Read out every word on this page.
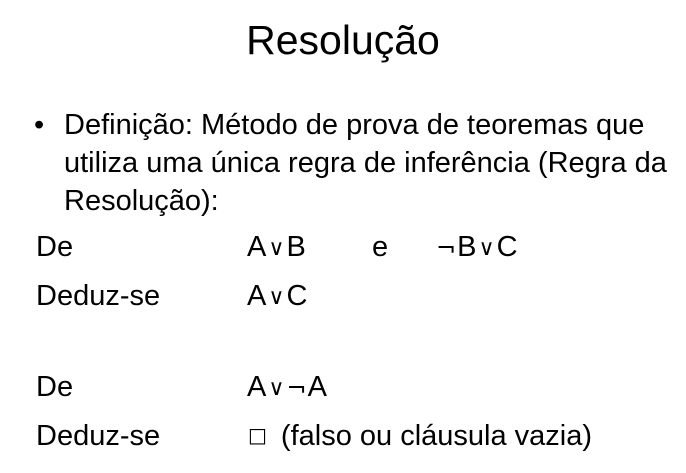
Resolução
• Definição: Método de prova de teoremas que utiliza uma única regra de inferência (Regra da Resolução):
De	A∨B e ¬B∨C
Deduz-se	A∨C
De	A∨¬A
Deduz-se	□ (falso ou cláusula vazia)
